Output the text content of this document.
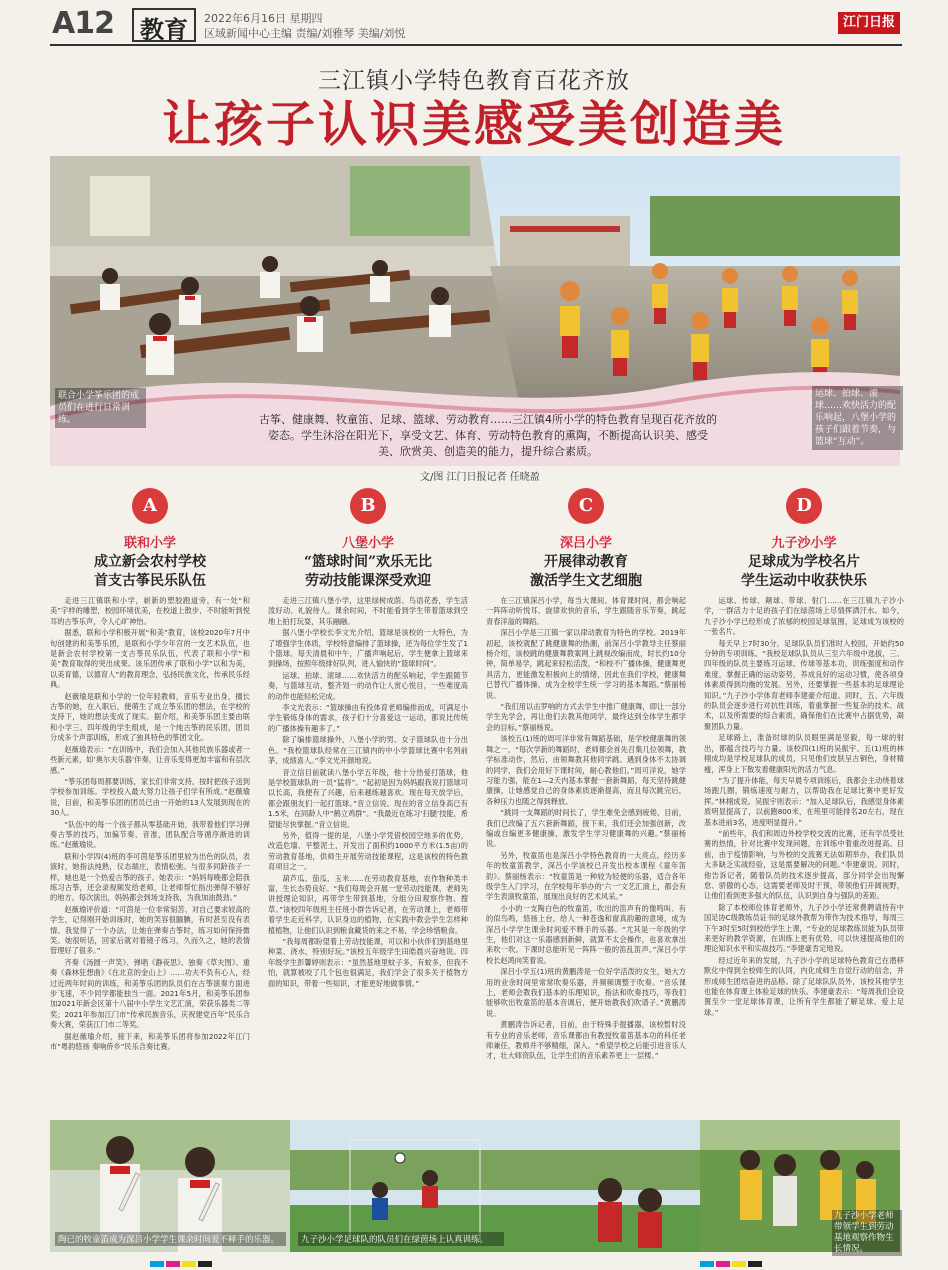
A12 教育 2022年6月16日 星期四
区域新闻中心主编 责编/刘雅琴 美编/刘悦
江门日报
三江镇小学特色教育百花齐放
让孩子认识美感受美创造美
联合小学筝乐团的成员们在进行日常训练。
运球、拍球、滚球……欢快活力的配乐响起，八堡小学的孩子们跟着节奏，与篮球“互动”。
古筝、健康舞、牧童笛、足球、篮球、劳动教育……三江镇4所小学的特色教育呈现百花齐放的姿态。学生沐浴在阳光下，享受文艺、体育、劳动特色教育的熏陶，不断提高认识美、感受美、欣赏美、创造美的能力，提升综合素质。
文/图 江门日报记者 任晓盈
A
联和小学
成立新会农村学校
首支古筝民乐队伍

走进三江镇联和小学，崭新的塑胶跑道旁，有一处“和美”字样的雕塑，校园环境优美，在校道上散步，不时能听到悦耳的古筝乐声，令人心旷神怡。

据悉，联和小学积极开展“和美”教育，该校2020年7月中旬创建的和美筝乐团，是联和小学少年宫的一支艺术队伍，也是新会农村学校第一支古筝民乐队伍，代表了联和小学“和美”教育取得的突出成果。该乐团传承了联和小学“以和为美，以美育德，以德育人”的教育理念，弘扬民族文化，传承民乐经典。

赵薇瑜是联和小学的一位年轻教师，音乐专业出身，擅长古筝的她，在入职后，便萌生了成立筝乐团的想法，在学校的支持下，她的想法变成了现实。据介绍，和美筝乐团主要由联和小学三、四年级的学生组成，是一个纯古筝的民乐团，团员分成多个声部训练，形成了独具特色的筝团文化。

赵薇瑜表示：“在训练中，我们会加入其他民族乐器或者一些新元素，如‘奥尔夫乐器’伴奏，让音乐变得更加丰富和有层次感。”

“筝乐团每周都要训练，家长们非常支持，按时把孩子送到学校参加训练。学校投入最大努力让孩子们学有所成。”赵薇瑜说，目前，和美筝乐团的团员已由一开始的13人发展到现在的30人。

“队伍中的每一个孩子都从零基础开始，我带着他们学习弹奏古筝的技巧，加偏节奏、音准，团队配合等循序渐进的训练。”赵薇瑜说。

联和小学四(4)班的李可茵是筝乐团里较为出色的队员，表演时，她指法纯熟，仪态端庄，表情松弛。与很多同龄孩子一样，她也是一个热爱古筝的孩子。她表示：“妈妈每晚都会陪我练习古筝，还会录视频发给老师，让老师帮忙指出弹得不够好的地方。每次演出，妈妈都会到场支持我，为我加油鼓劲。”

赵薇瑜评价道：“可茵是一位非常刻苦、对自己要求较高的学生，记得刚开始训练时，她的笑容很腼腆，有时甚至没有表情。我觉得了一个办法，让她在弹奏古筝时，练习如何保持微笑。她很听话，回家后就对着镜子练习，久而久之，她的表情管理好了很多。”

齐奏《汤圆一声笑》、弹唱《静夜思》、独奏《草夫图》、重奏《森林狂想曲》《在北京的金山上》……功夫不负有心人，经过近两年时间的训练，和美筝乐团的队员们在古筝演奏方面进步飞速，不少同学都能独当一面。2021年5月，和美筝乐团参加2021年新会区第十八届中小学生文艺汇演，荣获乐器类二等奖；2021年参加江门市“传承民族音乐，庆祝建党百年”民乐合奏大赛，荣获江门市二等奖。

据赵薇瑜介绍，接下来，和美筝乐团将参加2022年江门市“粤韵悠扬 奏响侨乡”民乐合奏比赛。

B
八堡小学
“篮球时间”欢乐无比
劳动技能课深受欢迎

走进三江镇八堡小学，这里绿树成荫、鸟语花香，学生活泼好动、礼貌待人。课余时间，不时能看到学生带着篮球到空地上拍打玩耍，其乐融融。

据八堡小学校长李文光介绍，篮球是该校的一大特色，为了增强学生体质，学校特意编排了篮球操，还为每位学生发了1个篮球。每天清晨和中午，广播声响起后，学生便拿上篮球来到操场，按照年级排好队列，进入愉快的“篮球时间”。

运球、拍球、滚球……欢快活力的配乐响起，学生跟随节奏，与篮球互动，整齐划一的动作让人赏心悦目，一些难度高的动作也能轻松完成。

李文光表示：“篮球操由有投体育老师编排而成，可满足小学生锻炼身体的需求，孩子们十分喜爱这一运动，都说比传统的广播体操有趣多了。”

除了编排篮球操外，八堡小学的男、女子篮球队也十分出色。“我校篮球队经常在三江镇内的中小学篮球比赛中名列前茅，成绩喜人。”李文光开颜地说。

音立信目前就读八堡小学五年级，他十分热爱打篮球，他是学校篮球队的一员“猛将”。“起初是因为妈妈跟我说打篮球可以长高，我便有了兴趣，后来越练越喜欢。现在每天放学后，都会跟朋友们一起打篮球。”音立信说。现在的音立信身高已有1.5米，在同龄人中“鹤立鸡群”。“我最近在练习‘扫腿’技能，希望能尽快掌握。”音立信说。

另外，值得一提的是，八堡小学凭借校园空地多的优势，改造危墙、平整泥土，开发出了面积约1000平方米(1.5亩)的劳动教育基地，供师生开展劳动技能课程，这是该校的特色教育项目之一。

葫芦瓜、茄瓜、玉米……在劳动教育基地，农作物种类丰富，生长态势良好。“我们每周会开展一堂劳动技能课，老师先讲授理论知识，再带学生带到基地，分组分田观察作物、搜草。”该校四年级班主任班小群告诉记者，在劳动课上，老师带着学生走近科学，认识身边的植物，在实践中教会学生怎样种植植物，让他们认识到粮食藏货的来之不易，学会珍惜粮食。

“我每周都盼望着上劳动技能课，可以和小伙伴们到基地里种菜、浇水，特别好玩。”该校五年级学生田皓晨兴奋地说。四年级学生彭馨婷则表示：“虽然基地里蚊子多，有蚊多，但我不怕，就算被咬了几个包也很满足，我们学会了很多关于植物方面的知识，带着一些知识，才能更好地做事情。”

C
深吕小学
开展律动教育
激活学生文艺细胞

在三江镇深吕小学，每当大课间、体育课时间，都会响起一阵阵动听悦耳、旋律欢快的音乐，学生跟随音乐节奏，跳起青春洋溢的舞蹈。

深吕小学是三江镇一家以律动教育为特色的学校。2019年初起，该校就配了跳健康舞的热潮，前深吕小学教导主任蔡丽杨介绍，该校跳的健康舞教案网上跳视改编而成，时长约10分钟，简单易学，跳起来轻松活泼，“和校不广播体操，健康舞更具活力，更能激发积极向上的情绪，因此在我们学校，健康舞已替代广播体操，成为全校学生统一学习的基本舞蹈。”蔡丽杨说。

“我们用以击罗响的方式去学生中推广健康舞，即让一部分学生先学会，再让他们去教其他同学，最终达到全体学生都学会的目标。”蔡丽杨说。

该校五(1)班的周可洋非常有舞蹈基础，是学校健康舞的领舞之一，“每次学新的舞蹈时，老师都会首先召集几位领舞，教学标准动作，然后，由领舞教其他同学跳。遇到身体不太协调的同学，我们会用好下课时间，耐心教他们。”周可洋说，她学习能力强，能在1—2天内基本掌握一套新舞蹈，每天坚持跳健康操，让她感觉自己的身体素质逐渐提高，而且每次跳完后，各种压力也随之得到释放。

“跳同一支舞蹈的时间长了，学生难免会感到疲倦，目前，我们已改编了五六套新舞蹈，接下来，我们还会加强创新，改编或自编更多健康操，激发学生学习健康舞的兴趣。”蔡丽杨说。

另外，牧童笛也是深吕小学特色教育的一大亮点。经历多年的牧童笛教学，深吕小学该校已开发出校本课程《童年笛韵》。蔡丽杨表示：“牧童笛是一种较为轻便的乐器，适合各年级学生入门学习，在学校每年举办的‘六一’文艺汇演上，都会有学生表演牧童笛，展现出良好的艺术风采。”

小小的一支陶白色的牧童笛，吹出的笛声有的像鸣叫、有的似鸟鸣，悠扬上台，给人一种苍逸和窗真韵趣的意境，成为深吕小学学生课余时间爱不释手的乐器。“尤其是一年级的学生，他们对这一乐器感到新鲜，就算不太会操作，也喜欢拿出来吹一吹。下课时总能听见一阵阵一般的笛乱笛声。”深吕小学校长赵鸿向笑着说。

深吕小学五(1)班的黄鹏涛是一位好学活泼的女生，她大方用的业余时间里常常吹奏乐器，并频频调整于吹奏。“音乐课上，老师会教我们基本的乐理知识，指法和吹奏技巧，等我们能够吹出牧童笛的基本音调后，便开始教我们吹谱子。”黄鹏涛说。

黄鹏涛告诉记者，目前，由于特殊手提播器，该校暂时没有专业的音乐老师，音乐课都由有教授牧童笛基本功的科任老师兼任，教师并不够精细，深入。“希望学校之后能引进音乐人才，壮大师资队伍，让学生们的音乐素养更上一层楼。”

D
九子沙小学
足球成为学校名片
学生运动中收获快乐

运球、传球、颠球、带球、射门……在三江镇九子沙小学，一群活力十足的孩子们在绿茵场上尽情挥洒汗水。如今，九子沙小学已经形成了浓郁的校园足球氛围，足球成为该校的一张名片。

每天早上7时30分，足球队队员们准时入校园，开始约50分钟的专项训练。“我校足球队队员从三至六年级中选拔，三、四年级的队员主要练习运球、传球等基本功，训练强度和动作难度，掌握正确的运动姿势，养成良好的运动习惯，使各项身体素质得到均衡的发展。另外，还要掌握一些基本的足球理论知识。”九子沙小学体育老师李建豪介绍道。同时，五、六年级的队员会逐步进行对抗性训练，着重掌握一些复杂的技术、战术，以及所需要的综合素质，确保他们在比赛中占据优势，凝聚团队力量。

足球路上，准备时球的队员眼里满是坚毅，每一球的射出，都蕴含技巧与力量。该校四(1)班的吴振宇、五(1)班的林栩成均是学校足球队的成员，只见他们皮肤呈古铜色，身材精瘦，浑身上下散发着健康阳光的活力气息。

“为了提升体能，每天早晨专项训练后，我都会主动绕着球场跑几圈，锻炼速度与耐力，以帮助我在足球比赛中更好发挥。”林栩成说。吴振宇则表示：“加入足球队后，我感觉身体素质明显提高了，以前跑800米，在班里可能排名20左右，现在基本进前3名，进度明显提升。”

“前些年，我们和周边外校学校交流的比赛，还有学员受社赛的热情，针对比赛中发现问题，在训练中着重改进提高。目前，由于疫情影响，与外校的交流赛无法如期举办，我们队员大多缺乏实战经验，这是需要解决的问题。”李建豪说。同时，他告诉记者，随着队员的技术逐步提高，部分同学会出现懈怠、骄傲的心态，这需要老师及时干预，带领他们开阔视野，让他们看到更多强大的队伍，认识到自身与强队的差距。

除了本校师位体育老师外，九子沙小学还常费聘请持有中国足协C级教练员证书的足球外教帮为带作为技术指导，每周三下午3时至5时到校给学生上课，“专业的足球教练员能为队员带来更好的教学资源，在训练上更有优势，可以快速提高他们的理论知识水平和实战技巧。”李建豪肯定地说。

经过近年来的发展，九子沙小学的足球特色教育已在潜移默化中得到全校师生的认同，内化成师生自觉行动的信念，并形成师生团结奋进的品格。除了足球队队员外，该校其他学生也能在体育课上体验足球的快乐。李建豪表示：“每周我们会设置至少一堂足球体育课，让所有学生都能了解足球、爱上足球。”

陶已的牧童笛成为深吕小学学生课余时间爱不释手的乐器。	九子沙小学足球队的队员们在绿茵场上认真训练。
九子沙小学老师带领学生到劳动基地观察作物生长情况。
